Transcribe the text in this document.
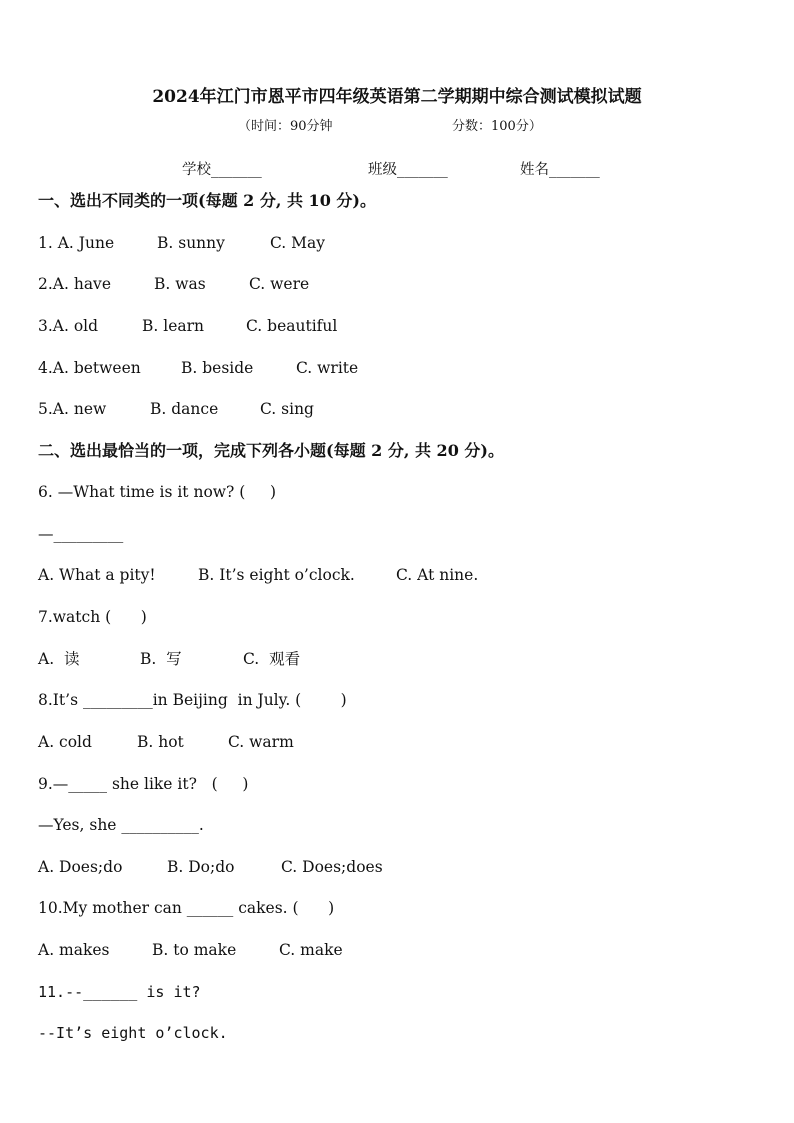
2024年江门市恩平市四年级英语第二学期期中综合测试模拟试题
（时间：90分钟	分数：100分）
学校_______	班级_______	姓名_______
一、选出不同类的一项(每题 2 分, 共 10 分)。
1. A. June	B. sunny	C. May
2.A. have	B. was	C. were
3.A. old	B. learn	C. beautiful
4.A. between	B. beside	C. write
5.A. new	B. dance	C. sing
二、选出最恰当的一项，完成下列各小题(每题 2 分, 共 20 分)。
6. —What time is it now? (     )
—_________
A. What a pity!	B. It’s eight o’clock.	C. At nine.
7.watch (      )
A.  读	B.  写	C.  观看
8.It’s _________in Beijing  in July. (        )
A. cold	B. hot	C. warm
9.—_____ she like it?   (     )
—Yes, she __________.
A. Does;do	B. Do;do	C. Does;does
10.My mother can ______ cakes. (      )
A. makes	B. to make	C. make
11.--______ is it?
--It’s eight o’clock.
